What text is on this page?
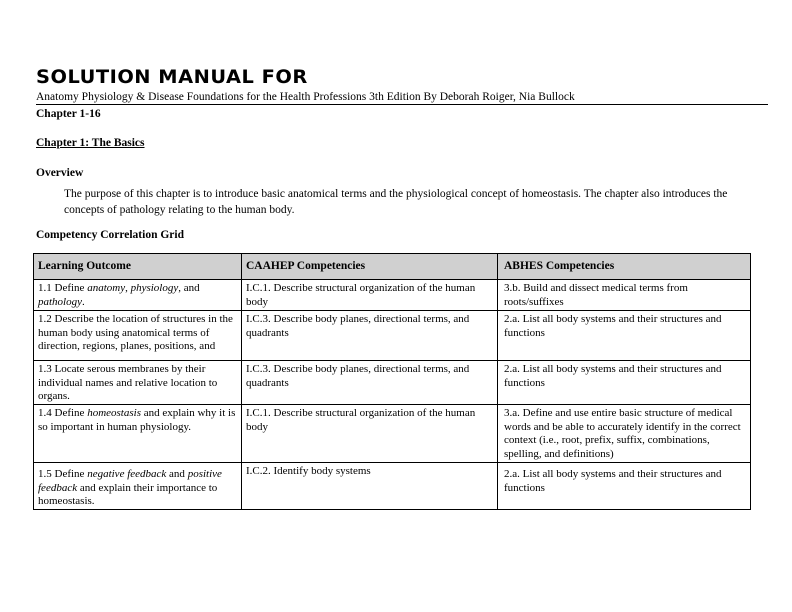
SOLUTION MANUAL FOR
Anatomy Physiology & Disease Foundations for the Health Professions 3th Edition By Deborah Roiger, Nia Bullock
Chapter 1-16
Chapter 1: The Basics
Overview
The purpose of this chapter is to introduce basic anatomical terms and the physiological concept of homeostasis. The chapter also introduces the concepts of pathology relating to the human body.
Competency Correlation Grid
Learning Outcome	CAAHEP Competencies	ABHES Competencies
1.1 Define anatomy, physiology, and pathology.	I.C.1. Describe structural organization of the human body	3.b. Build and dissect medical terms from roots/suffixes

1.2 Describe the location of structures in the human body using anatomical terms of direction, regions, planes, positions, and	I.C.3. Describe body planes, directional terms, and quadrants	2.a. List all body systems and their structures and functions
1.3 Locate serous membranes by their individual names and relative location to organs.	I.C.3. Describe body planes, directional terms, and quadrants	2.a. List all body systems and their structures and functions
1.4 Define homeostasis and explain why it is so important in human physiology.	I.C.1. Describe structural organization of the human body	3.a. Define and use entire basic structure of medical words and be able to accurately identify in the correct context (i.e., root, prefix, suffix, combinations, spelling, and definitions)
1.5 Define negative feedback and positive feedback and explain their importance to homeostasis.	I.C.2. Identify body systems	2.a. List all body systems and their structures and functions
